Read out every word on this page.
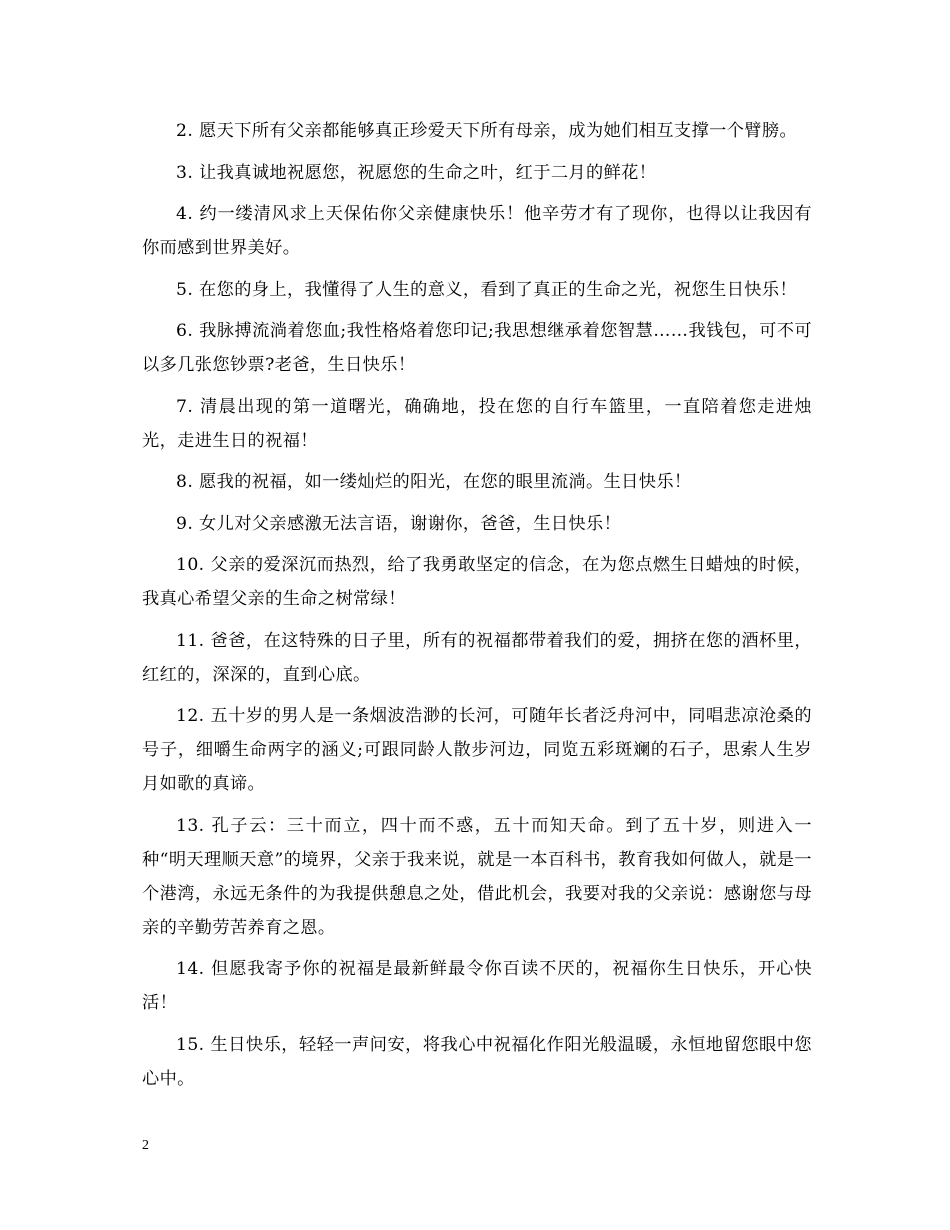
2. 愿天下所有父亲都能够真正珍爱天下所有母亲，成为她们相互支撑一个臂膀。

3. 让我真诚地祝愿您，祝愿您的生命之叶，红于二月的鲜花！

4. 约一缕清风求上天保佑你父亲健康快乐！他辛劳才有了现你，也得以让我因有你而感到世界美好。

5. 在您的身上，我懂得了人生的意义，看到了真正的生命之光，祝您生日快乐！

6. 我脉搏流淌着您血;我性格烙着您印记;我思想继承着您智慧……我钱包，可不可以多几张您钞票?老爸，生日快乐！

7. 清晨出现的第一道曙光，确确地，投在您的自行车篮里，一直陪着您走进烛光，走进生日的祝福！

8. 愿我的祝福，如一缕灿烂的阳光，在您的眼里流淌。生日快乐！

9. 女儿对父亲感激无法言语，谢谢你，爸爸，生日快乐！

10. 父亲的爱深沉而热烈，给了我勇敢坚定的信念，在为您点燃生日蜡烛的时候，我真心希望父亲的生命之树常绿！

11. 爸爸，在这特殊的日子里，所有的祝福都带着我们的爱，拥挤在您的酒杯里，红红的，深深的，直到心底。

12. 五十岁的男人是一条烟波浩渺的长河，可随年长者泛舟河中，同唱悲凉沧桑的号子，细嚼生命两字的涵义;可跟同龄人散步河边，同览五彩斑斓的石子，思索人生岁月如歌的真谛。

13. 孔子云：三十而立，四十而不惑，五十而知天命。到了五十岁，则进入一种“明天理顺天意”的境界，父亲于我来说，就是一本百科书，教育我如何做人，就是一个港湾，永远无条件的为我提供憩息之处，借此机会，我要对我的父亲说：感谢您与母亲的辛勤劳苦养育之恩。

14. 但愿我寄予你的祝福是最新鲜最令你百读不厌的，祝福你生日快乐，开心快活！

15. 生日快乐，轻轻一声问安，将我心中祝福化作阳光般温暖，永恒地留您眼中您心中。

2
